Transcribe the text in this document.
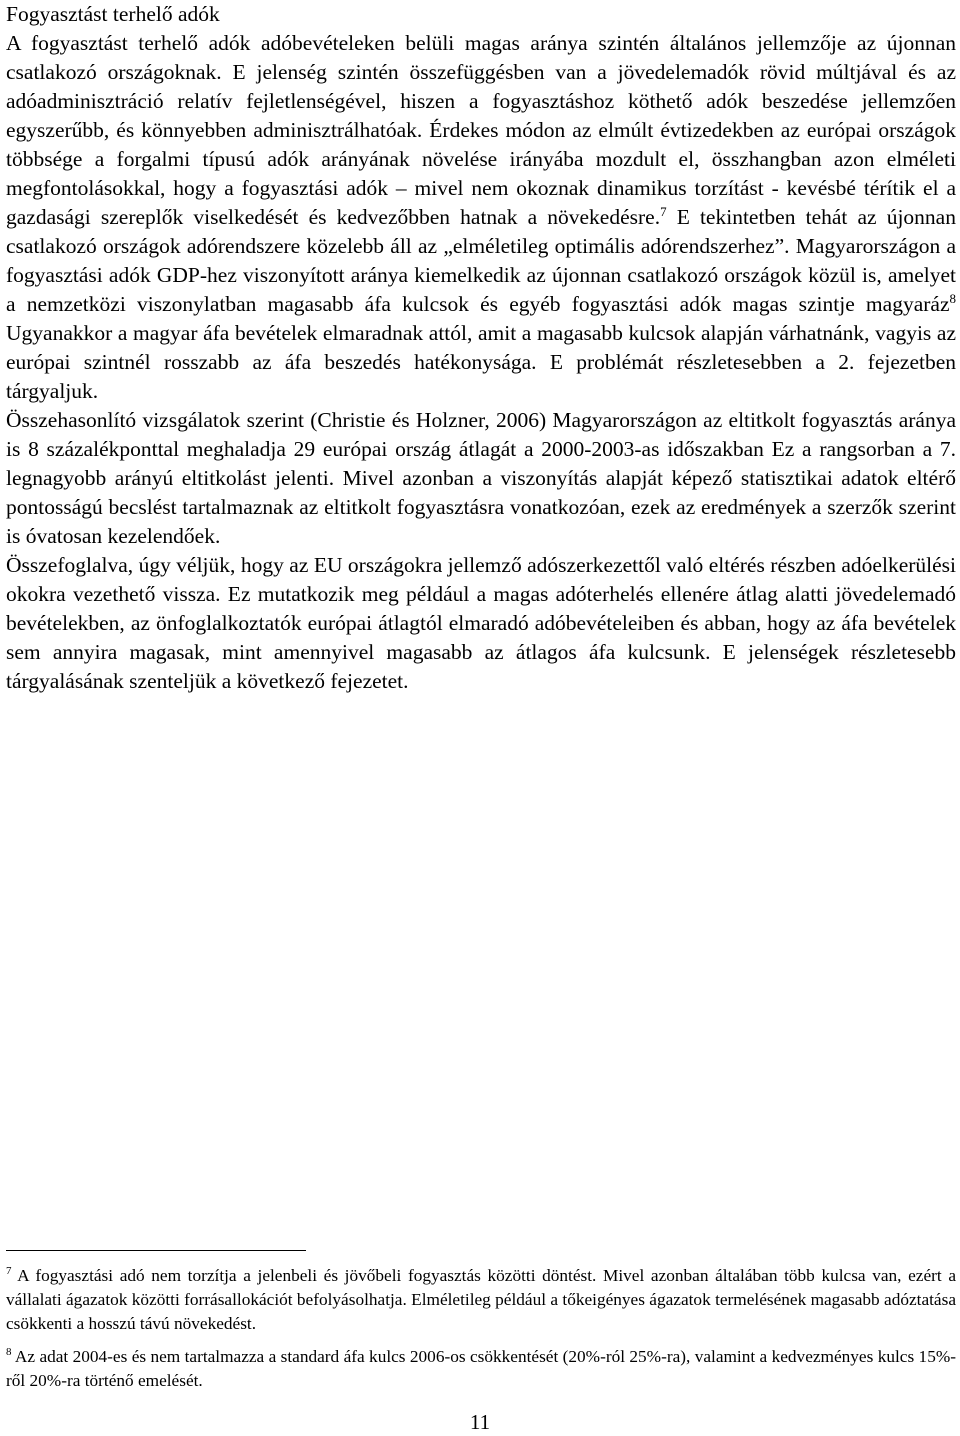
Fogyasztást terhelő adók

A fogyasztást terhelő adók adóbevételeken belüli magas aránya szintén általános jellemzője az újonnan csatlakozó országoknak. E jelenség szintén összefüggésben van a jövedelemadók rövid múltjával és az adóadminisztráció relatív fejletlenségével, hiszen a fogyasztáshoz köthető adók beszedése jellemzően egyszerűbb, és könnyebben adminisztrálhatóak. Érdekes módon az elmúlt évtizedekben az európai országok többsége a forgalmi típusú adók arányának növelése irányába mozdult el, összhangban azon elméleti megfontolásokkal, hogy a fogyasztási adók – mivel nem okoznak dinamikus torzítást - kevésbé térítik el a gazdasági szereplők viselkedését és kedvezőbben hatnak a növekedésre.$^7$ E tekintetben tehát az újonnan csatlakozó országok adórendszere közelebb áll az „elméletileg optimális adórendszerhez”. Magyarországon a fogyasztási adók GDP-hez viszonyított aránya kiemelkedik az újonnan csatlakozó országok közül is, amelyet a nemzetközi viszonylatban magasabb áfa kulcsok és egyéb fogyasztási adók magas szintje magyaráz$^8$ Ugyanakkor a magyar áfa bevételek elmaradnak attól, amit a magasabb kulcsok alapján várhatnánk, vagyis az európai szintnél rosszabb az áfa beszedés hatékonysága. E problémát részletesebben a 2. fejezetben tárgyaljuk.

Összehasonlító vizsgálatok szerint (Christie és Holzner, 2006) Magyarországon az eltitkolt fogyasztás aránya is 8 százalékponttal meghaladja 29 európai ország átlagát a 2000-2003-as időszakban Ez a rangsorban a 7. legnagyobb arányú eltitkolást jelenti. Mivel azonban a viszonyítás alapját képező statisztikai adatok eltérő pontosságú becslést tartalmaznak az eltitkolt fogyasztásra vonatkozóan, ezek az eredmények a szerzők szerint is óvatosan kezelendőek.

Összefoglalva, úgy véljük, hogy az EU országokra jellemző adószerkezettől való eltérés részben adóelkerülési okokra vezethető vissza. Ez mutatkozik meg például a magas adóterhelés ellenére átlag alatti jövedelemadó bevételekben, az önfoglalkoztatók európai átlagtól elmaradó adóbevételeiben és abban, hogy az áfa bevételek sem annyira magasak, mint amennyivel magasabb az átlagos áfa kulcsunk. E jelenségek részletesebb tárgyalásának szenteljük a következő fejezetet.

$^7$ A fogyasztási adó nem torzítja a jelenbeli és jövőbeli fogyasztás közötti döntést. Mivel azonban általában több kulcsa van, ezért a vállalati ágazatok közötti forrásallokációt befolyásolhatja. Elméletileg például a tőkeigényes ágazatok termelésének magasabb adóztatása csökkenti a hosszú távú növekedést.

$^8$ Az adat 2004-es és nem tartalmazza a standard áfa kulcs 2006-os csökkentését (20%-ról 25%-ra), valamint a kedvezményes kulcs 15%-ről 20%-ra történő emelését.

11
